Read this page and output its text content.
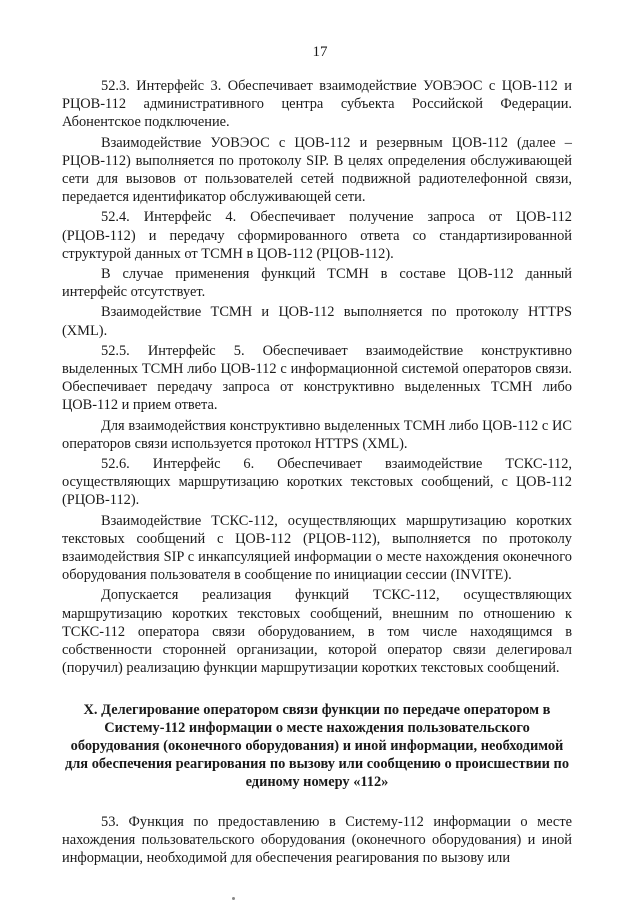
17

52.3. Интерфейс 3. Обеспечивает взаимодействие УОВЭОС с ЦОВ-112 и РЦОВ-112 административного центра субъекта Российской Федерации. Абонентское подключение.

Взаимодействие УОВЭОС с ЦОВ-112 и резервным ЦОВ-112 (далее – РЦОВ-112) выполняется по протоколу SIP. В целях определения обслуживающей сети для вызовов от пользователей сетей подвижной радиотелефонной связи, передается идентификатор обслуживающей сети.

52.4. Интерфейс 4. Обеспечивает получение запроса от ЦОВ-112 (РЦОВ-112) и передачу сформированного ответа со стандартизированной структурой данных от ТСМН в ЦОВ-112 (РЦОВ-112).

В случае применения функций ТСМН в составе ЦОВ-112 данный интерфейс отсутствует.

Взаимодействие ТСМН и ЦОВ-112 выполняется по протоколу HTTPS (XML).

52.5. Интерфейс 5. Обеспечивает взаимодействие конструктивно выделенных ТСМН либо ЦОВ-112 с информационной системой операторов связи. Обеспечивает передачу запроса от конструктивно выделенных ТСМН либо ЦОВ-112 и прием ответа.

Для взаимодействия конструктивно выделенных ТСМН либо ЦОВ-112 с ИС операторов связи используется протокол HTTPS (XML).

52.6. Интерфейс 6. Обеспечивает взаимодействие ТСКС-112, осуществляющих маршрутизацию коротких текстовых сообщений, с ЦОВ-112 (РЦОВ-112).

Взаимодействие ТСКС-112, осуществляющих маршрутизацию коротких текстовых сообщений с ЦОВ-112 (РЦОВ-112), выполняется по протоколу взаимодействия SIP с инкапсуляцией информации о месте нахождения оконечного оборудования пользователя в сообщение по инициации сессии (INVITE).

Допускается реализация функций ТСКС-112, осуществляющих маршрутизацию коротких текстовых сообщений, внешним по отношению к ТСКС-112 оператора связи оборудованием, в том числе находящимся в собственности сторонней организации, которой оператор связи делегировал (поручил) реализацию функции маршрутизации коротких текстовых сообщений.

X. Делегирование оператором связи функции по передаче оператором в Систему-112 информации о месте нахождения пользовательского оборудования (оконечного оборудования) и иной информации, необходимой для обеспечения реагирования по вызову или сообщению о происшествии по единому номеру «112»

53. Функция по предоставлению в Систему-112 информации о месте нахождения пользовательского оборудования (оконечного оборудования) и иной информации, необходимой для обеспечения реагирования по вызову или
